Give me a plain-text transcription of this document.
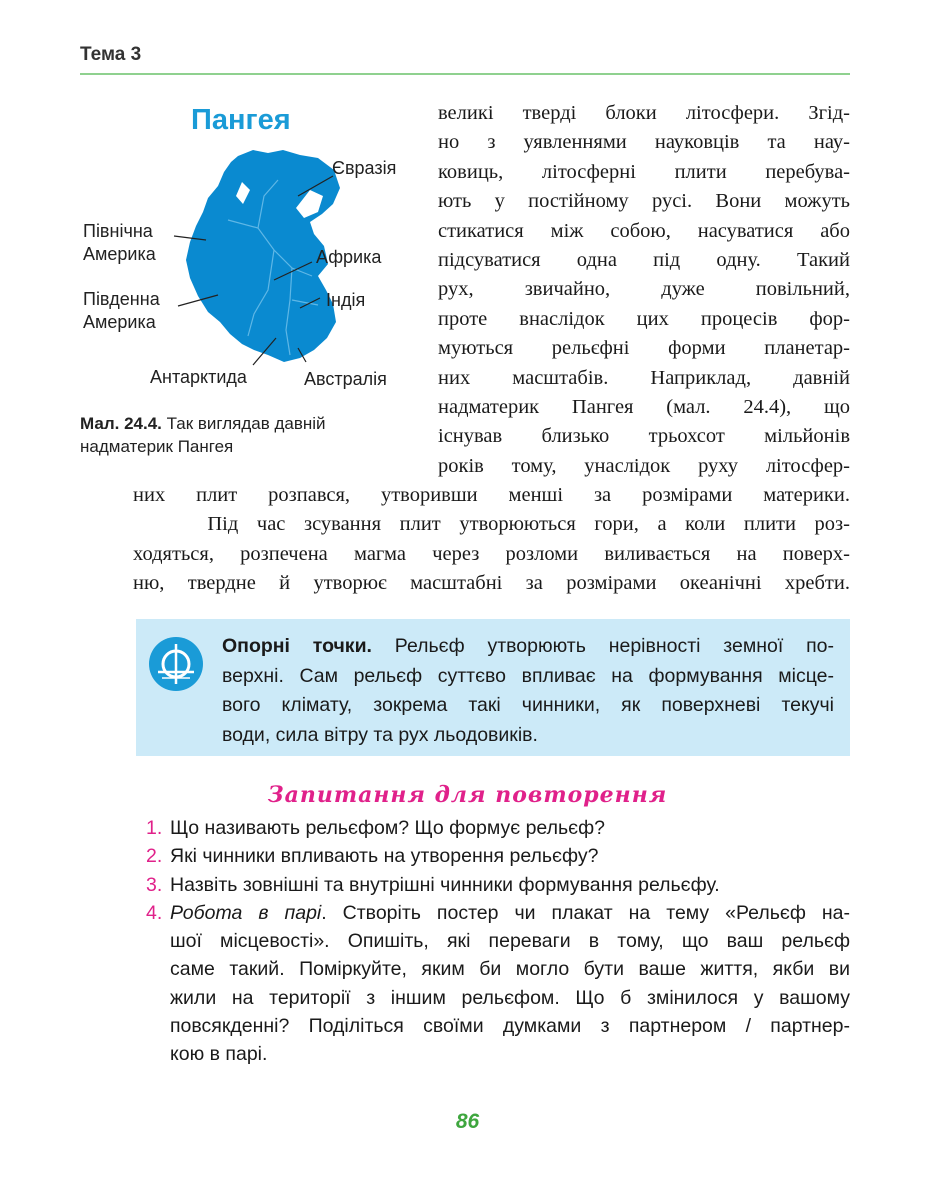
Тема 3
Пангея
Євразія
Північна
Америка	Африка
Південна
Америка
Індія
Антарктида	Австралія
Мал. 24.4. Так виглядав давній
надматерик Пангея
великі тверді блоки літосфери. Згід-
но з уявленнями науковців та нау-
ковиць, літосферні плити перебува-
ють у постійному русі. Вони можуть
стикатися між собою, насуватися або
підсуватися одна під одну. Такий
рух, звичайно, дуже повільний,
проте внаслідок цих процесів фор-
муються рельєфні форми планетар-
них масштабів. Наприклад, давній
надматерик Пангея (мал. 24.4), що
існував близько трьохсот мільйонів
років тому, унаслідок руху літосфер-
них плит розпався, утворивши менші за розмірами материки.
Під час зсування плит утворюються гори, а коли плити роз-
ходяться, розпечена магма через розломи виливається на поверх-
ню, твердне й утворює масштабні за розмірами океанічні хребти.
Опорні точки. Рельєф утворюють нерівності земної по-
верхні. Сам рельєф суттєво впливає на формування місце-
вого клімату, зокрема такі чинники, як поверхневі текучі
води, сила вітру та рух льодовиків.
Запитання для повторення
1. Що називають рельєфом? Що формує рельєф?
2. Які чинники впливають на утворення рельєфу?
3. Назвіть зовнішні та внутрішні чинники формування рельєфу.
4. Робота в парі. Створіть постер чи плакат на тему «Рельєф на-
шої місцевості». Опишіть, які переваги в тому, що ваш рельєф
саме такий. Поміркуйте, яким би могло бути ваше життя, якби ви
жили на території з іншим рельєфом. Що б змінилося у вашому
повсякденні? Поділіться своїми думками з партнером / партнер-
кою в парі.
86
